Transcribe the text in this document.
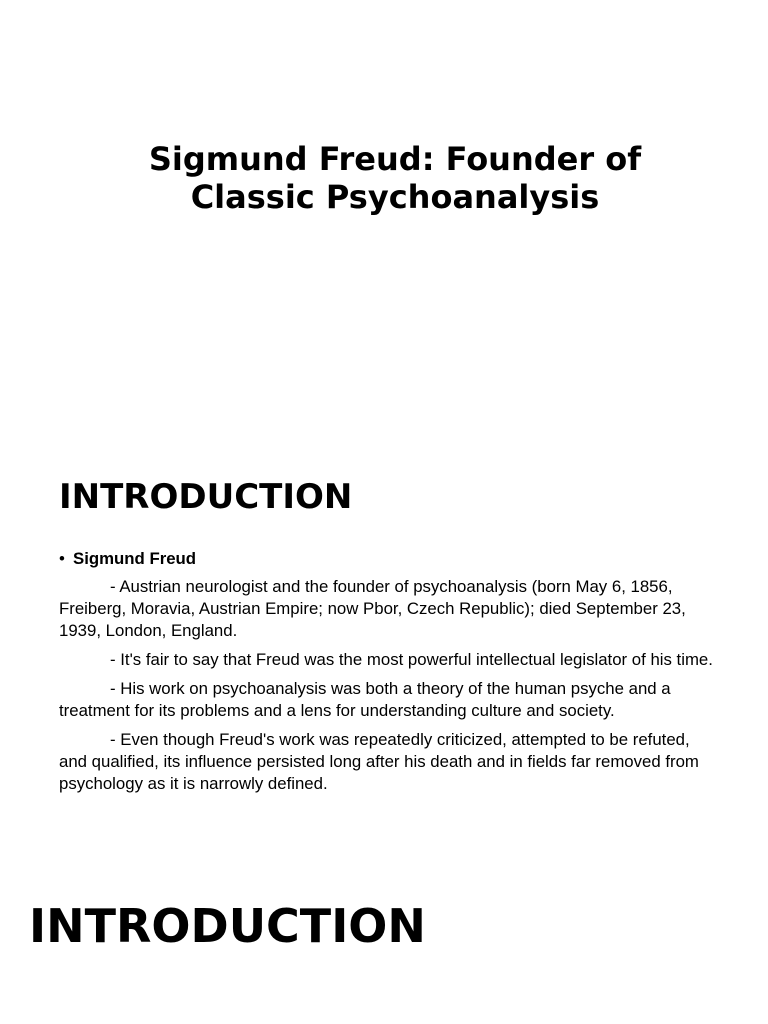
Sigmund Freud: Founder of
Classic Psychoanalysis
INTRODUCTION
• Sigmund Freud

- Austrian neurologist and the founder of psychoanalysis (born May 6, 1856, Freiberg, Moravia, Austrian Empire; now Pbor, Czech Republic); died September 23, 1939, London, England.

- It's fair to say that Freud was the most powerful intellectual legislator of his time.

- His work on psychoanalysis was both a theory of the human psyche and a treatment for its problems and a lens for understanding culture and society.

- Even though Freud's work was repeatedly criticized, attempted to be refuted, and qualified, its influence persisted long after his death and in fields far removed from psychology as it is narrowly defined.

INTRODUCTION
